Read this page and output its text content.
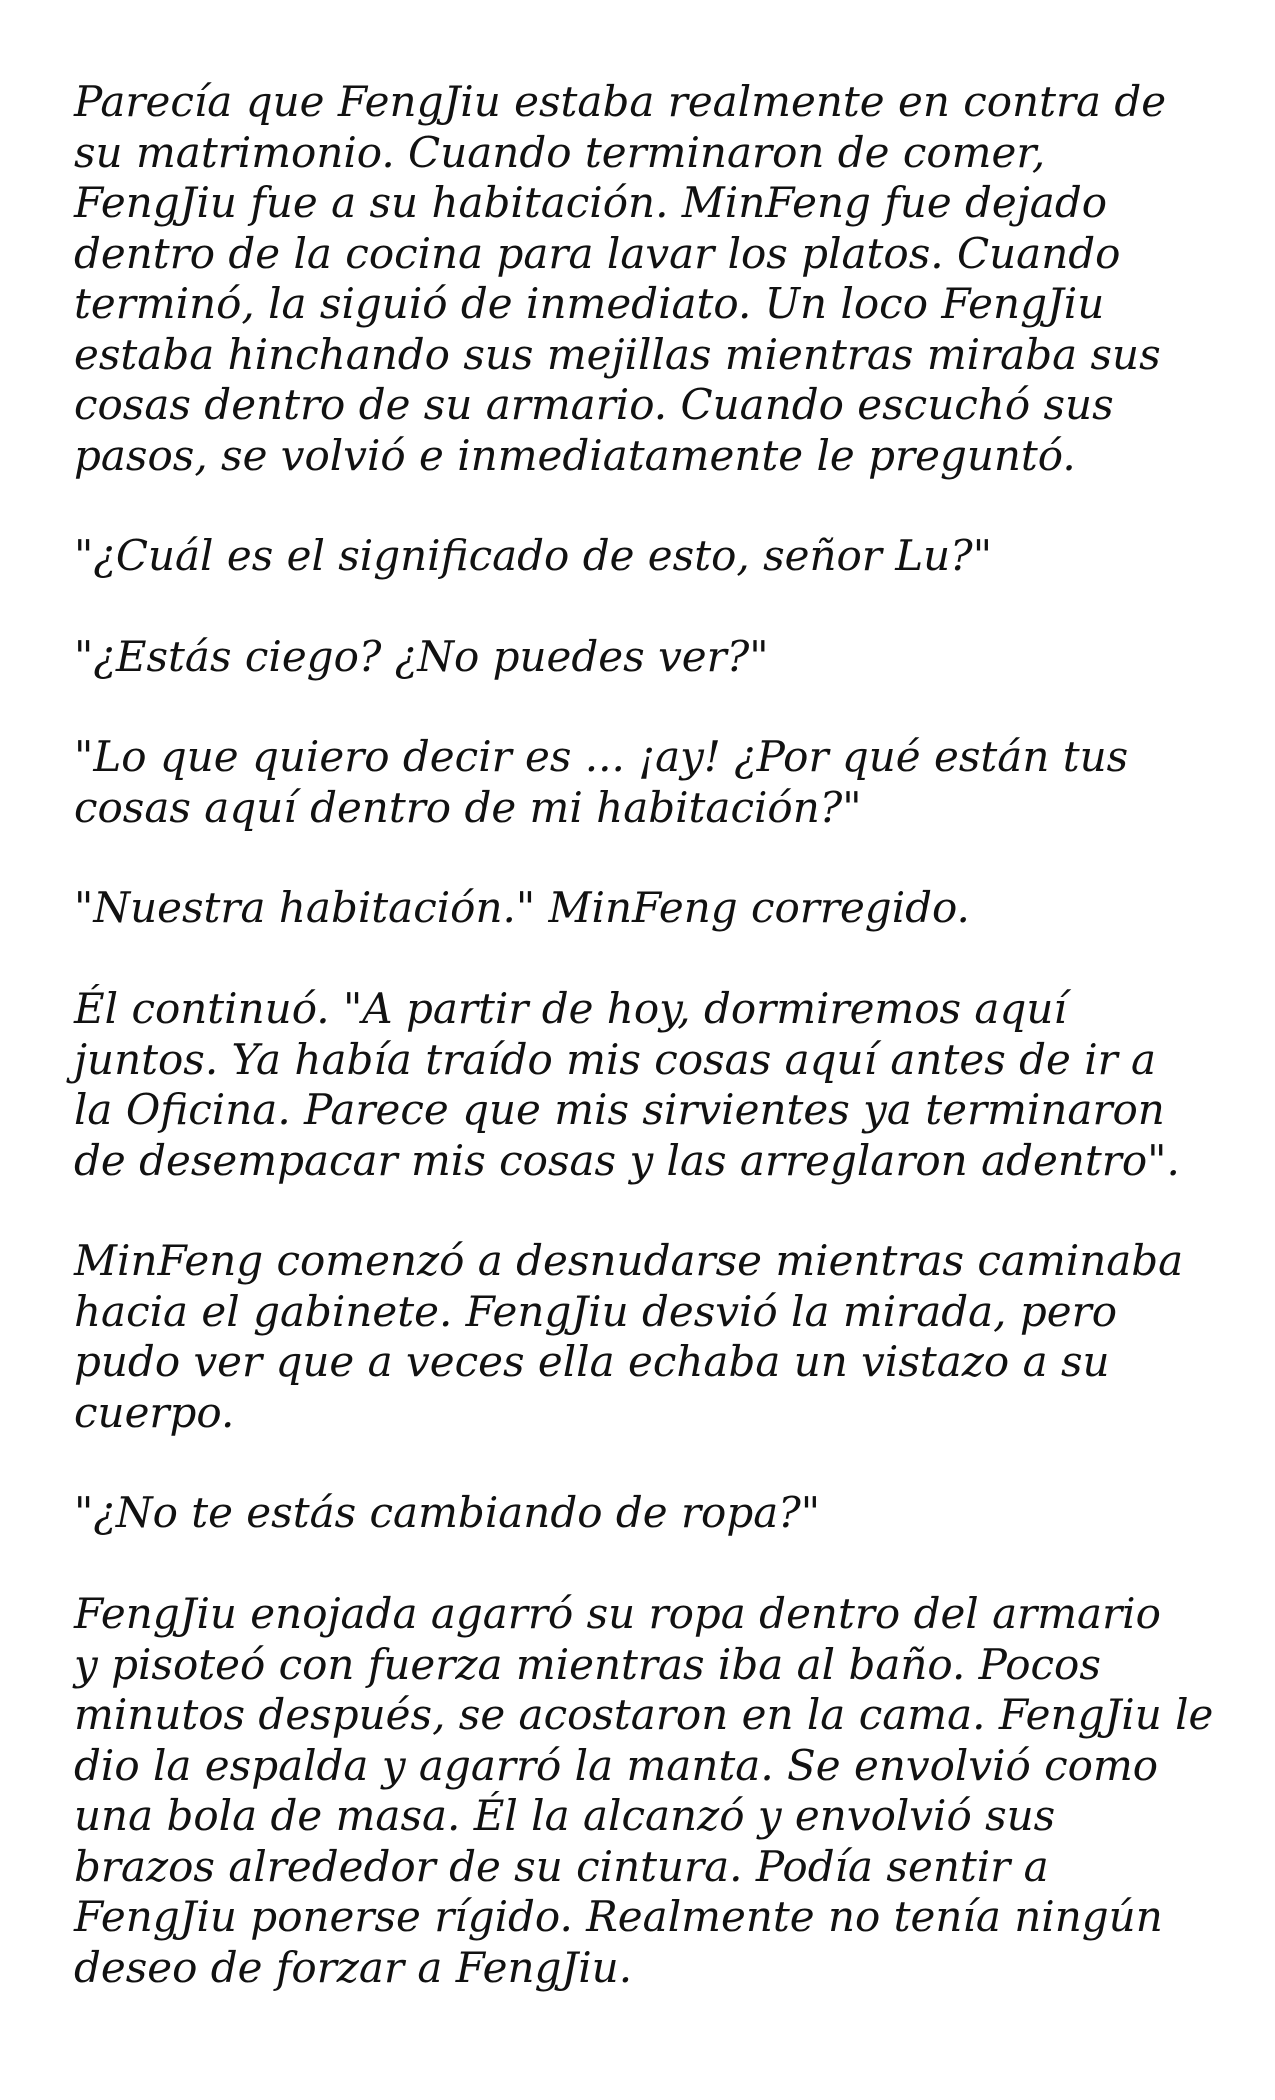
Parecía que FengJiu estaba realmente en contra de
su matrimonio. Cuando terminaron de comer,
FengJiu fue a su habitación. MinFeng fue dejado
dentro de la cocina para lavar los platos. Cuando
terminó, la siguió de inmediato. Un loco FengJiu
estaba hinchando sus mejillas mientras miraba sus
cosas dentro de su armario. Cuando escuchó sus
pasos, se volvió e inmediatamente le preguntó.
"¿Cuál es el significado de esto, señor Lu?"
"¿Estás ciego? ¿No puedes ver?"
"Lo que quiero decir es ... ¡ay! ¿Por qué están tus
cosas aquí dentro de mi habitación?"
"Nuestra habitación." MinFeng corregido.
Él continuó. "A partir de hoy, dormiremos aquí
juntos. Ya había traído mis cosas aquí antes de ir a
la Oficina. Parece que mis sirvientes ya terminaron
de desempacar mis cosas y las arreglaron adentro".
MinFeng comenzó a desnudarse mientras caminaba
hacia el gabinete. FengJiu desvió la mirada, pero
pudo ver que a veces ella echaba un vistazo a su
cuerpo.
"¿No te estás cambiando de ropa?"
FengJiu enojada agarró su ropa dentro del armario
y pisoteó con fuerza mientras iba al baño. Pocos
minutos después, se acostaron en la cama. FengJiu le
dio la espalda y agarró la manta. Se envolvió como
una bola de masa. Él la alcanzó y envolvió sus
brazos alrededor de su cintura. Podía sentir a
FengJiu ponerse rígido. Realmente no tenía ningún
deseo de forzar a FengJiu.
